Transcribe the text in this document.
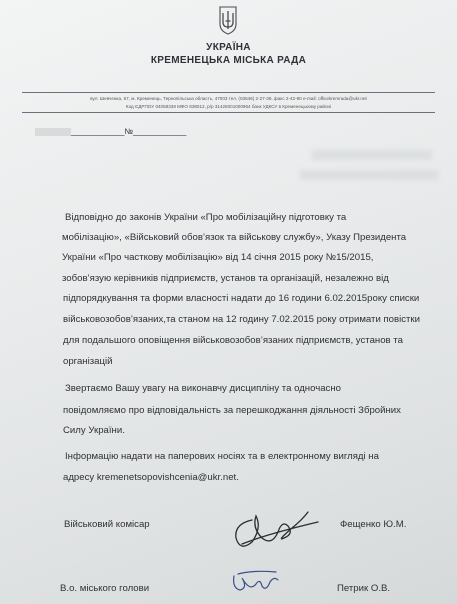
УКРАЇНА
КРЕМЕНЕЦЬКА МІСЬКА РАДА
вул. Шевченка, 67, м. Кременець, Тернопільська область, 47003 тел. (03546) 2-27-39, факс 2-42-90 e-mail: officekremrada@ukr.net
Код ЄДРПОУ 04058338 МФО 838012, р/р 31426001000964 банк УДКСУ в Кременецькому районі
____________№____________
Відповідно до законів України «Про мобілізаційну підготовку та
мобілізацію», «Військовий обов’язок та військову службу», Указу Президента
України «Про часткову мобілізацію» від 14 січня 2015 року №15/2015,
зобов’язую керівників підприємств, установ та організацій, незалежно від
підпорядкування та форми власності надати до 16 години 6.02.2015року списки
військовозобов’язаних,та станом на 12 годину 7.02.2015 року отримати повістки
для подальшого оповіщення військовозобов’язаних підприємств, установ та
організацій
Звертаємо Вашу увагу на виконавчу дисципліну та одночасно
повідомляємо про відповідальність за перешкоджання діяльності Збройних
Силу України.
Інформацію надати на паперових носіях та в електронному вигляді на
адресу kremenetsopovishcenia@ukr.net.
Військовий комісар	Фещенко Ю.М.
В.о. міського голови	Петрик О.В.
